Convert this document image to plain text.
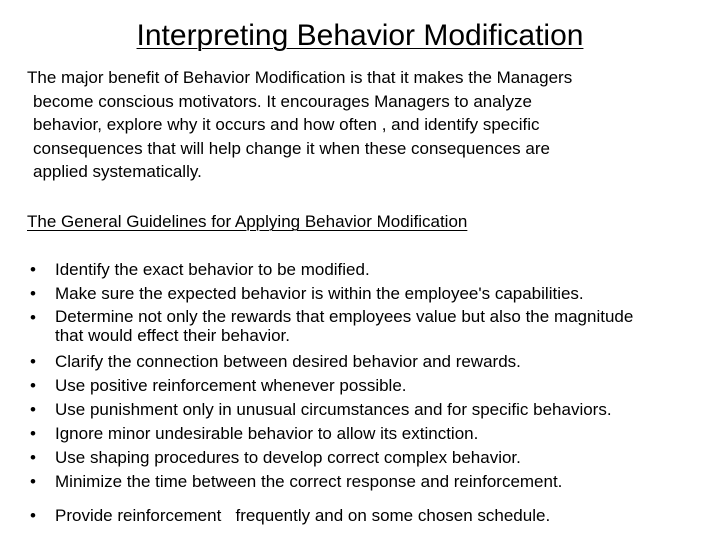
Interpreting Behavior Modification
The major benefit of Behavior Modification is that it makes the Managers
become conscious motivators. It encourages Managers to analyze
behavior, explore why it occurs and how often , and identify specific
consequences that will help change it when these consequences are
applied systematically.
The General Guidelines for Applying Behavior Modification
• Identify the exact behavior to be modified.
• Make sure the expected behavior is within the employee's capabilities.
• Determine not only the rewards that employees value but also the magnitude that would effect their behavior.
• Clarify the connection between desired behavior and rewards.
• Use positive reinforcement whenever possible.
• Use punishment only in unusual circumstances and for specific behaviors.
• Ignore minor undesirable behavior to allow its extinction.
• Use shaping procedures to develop correct complex behavior.
• Minimize the time between the correct response and reinforcement.
• Provide reinforcement   frequently and on some chosen schedule.
